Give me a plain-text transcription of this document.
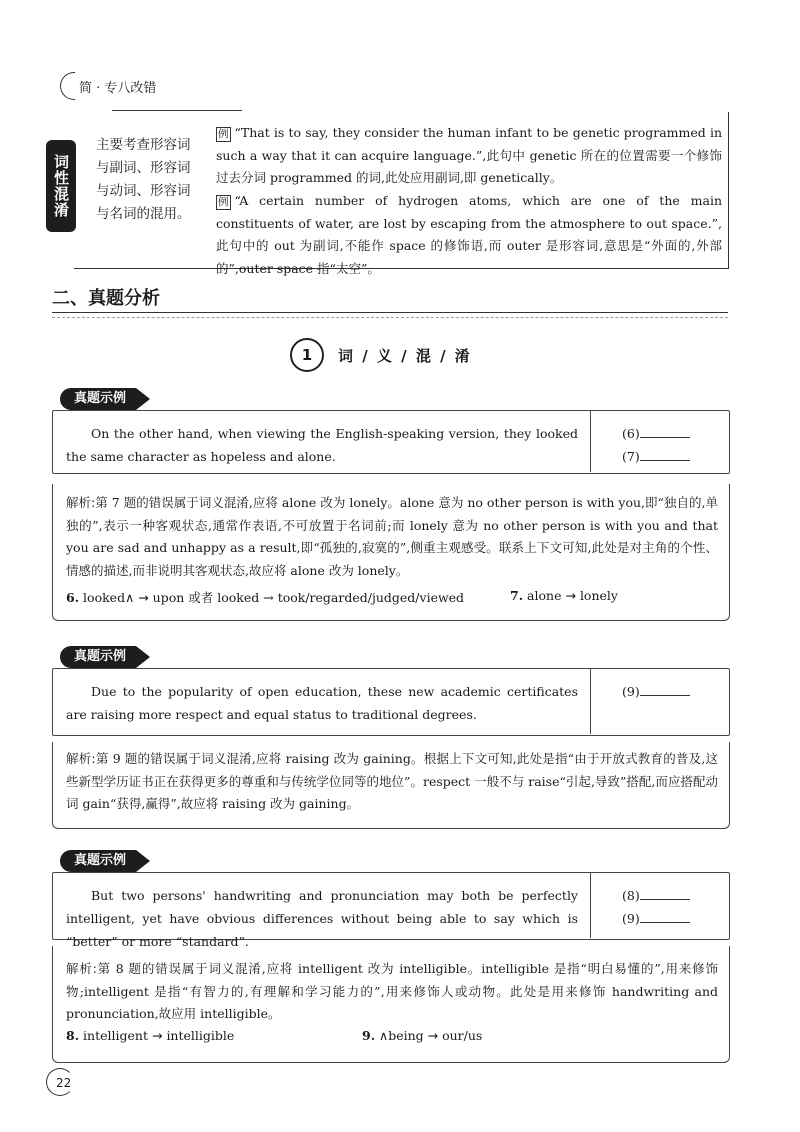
简 · 专八改错
词性混淆
主要考查形容词与副词、形容词与动词、形容词与名词的混用。
例 “That is to say, they consider the human infant to be genetic programmed in such a way that it can acquire language.”,此句中 genetic 所在的位置需要一个修饰过去分词 programmed 的词,此处应用副词,即 genetically。
例 “A certain number of hydrogen atoms, which are one of the main constituents of water, are lost by escaping from the atmosphere to out space.”,此句中的 out 为副词,不能作 space 的修饰语,而 outer 是形容词,意思是“外面的,外部的”,outer space 指“太空”。
二、真题分析
1	词 / 义 / 混 / 淆
真题示例
On the other hand, when viewing the English-speaking version, they looked the same character as hopeless and alone.
(6)
(7)
解析:第 7 题的错误属于词义混淆,应将 alone 改为 lonely。alone 意为 no other person is with you,即“独自的,单独的”,表示一种客观状态,通常作表语,不可放置于名词前;而 lonely 意为 no other person is with you and that you are sad and unhappy as a result,即“孤独的,寂寞的”,侧重主观感受。联系上下文可知,此处是对主角的个性、情感的描述,而非说明其客观状态,故应将 alone 改为 lonely。
6. looked∧ → upon 或者 looked → took/regarded/judged/viewed	7. alone → lonely
真题示例
Due to the popularity of open education, these new academic certificates are raising more respect and equal status to traditional degrees.
(9)
解析:第 9 题的错误属于词义混淆,应将 raising 改为 gaining。根据上下文可知,此处是指“由于开放式教育的普及,这些新型学历证书正在获得更多的尊重和与传统学位同等的地位”。respect 一般不与 raise“引起,导致”搭配,而应搭配动词 gain“获得,赢得”,故应将 raising 改为 gaining。
真题示例
But two persons' handwriting and pronunciation may both be perfectly intelligent, yet have obvious differences without being able to say which is “better” or more “standard”.
(8)
(9)
解析:第 8 题的错误属于词义混淆,应将 intelligent 改为 intelligible。intelligible 是指“明白易懂的”,用来修饰物;intelligent 是指“有智力的,有理解和学习能力的”,用来修饰人或动物。此处是用来修饰 handwriting and pronunciation,故应用 intelligible。
8. intelligent → intelligible	9. ∧being → our/us
22
